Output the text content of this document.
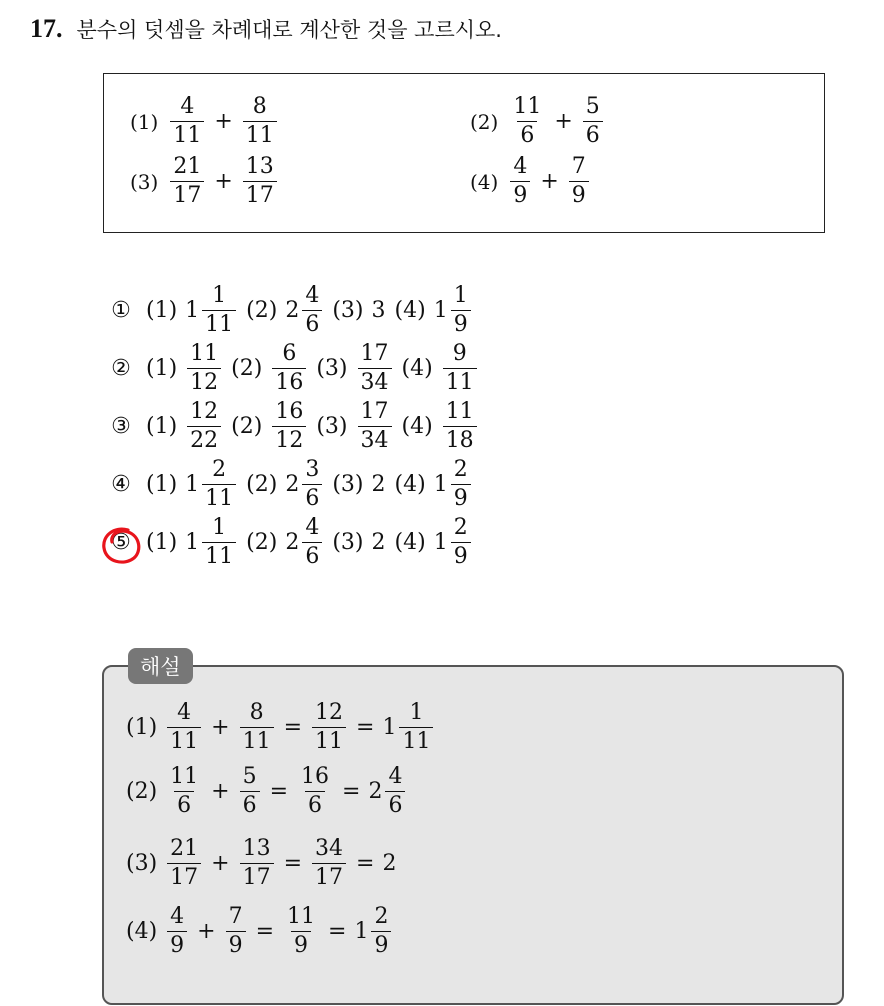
17. 분수의 덧셈을 차례대로 계산한 것을 고르시오.
$(1) \frac{4}{11} + \frac{8}{11}$	$(2) \frac{11}{6} + \frac{5}{6}$
$(3) \frac{21}{17} + \frac{13}{17}$	$(4) \frac{4}{9} + \frac{7}{9}$
① (1) $1 \frac{1}{11} (2)$ $2 \frac{4}{6} (3)$ 3 (4) $1 \frac{1}{9}$
② $(1) \frac{11}{12} (2) \frac{6}{16} (3) \frac{17}{34} (4) \frac{9}{11}$
③ $(1) \frac{12}{22} (2) \frac{16}{12} (3) \frac{17}{34} (4) \frac{11}{18}$
④ (1) $1 \frac{2}{11} (2)$ $2 \frac{3}{6} (3)$ 2 (4) $1 \frac{2}{9}$
⑤ (1) $1 \frac{1}{11} (2)$ $2 \frac{4}{6} (3)$ 2 (4) $1 \frac{2}{9}$
해설
$(1) \frac{4}{11} + \frac{8}{11} = \frac{12}{11} = 1 \frac{1}{11}$
$(2) \frac{11}{6} + \frac{5}{6} = \frac{16}{6} = 2 \frac{4}{6}$
$(3) \frac{21}{17} + \frac{13}{17} = \frac{34}{17} = 2$
$(4) \frac{4}{9} + \frac{7}{9} = \frac{11}{9} = 1 \frac{2}{9}$
